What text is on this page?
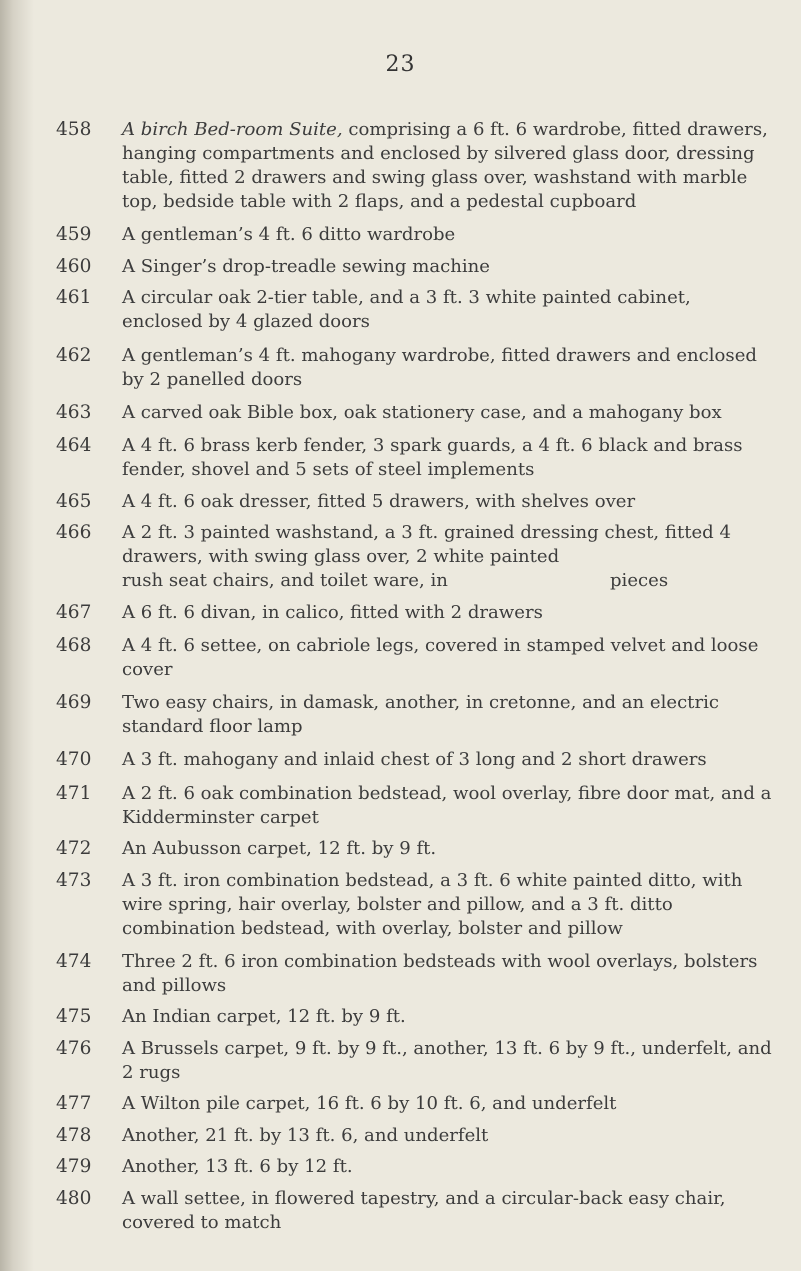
23
458	A birch Bed-room Suite, comprising a 6 ft. 6 wardrobe, fitted drawers, hanging compartments and enclosed by silvered glass door, dressing table, fitted 2 drawers and swing glass over, washstand with marble top, bedside table with 2 flaps, and a pedestal cupboard
459	A gentleman’s 4 ft. 6 ditto wardrobe
460	A Singer’s drop-treadle sewing machine
461	A circular oak 2-tier table, and a 3 ft. 3 white painted cabinet, enclosed by 4 glazed doors
462	A gentleman’s 4 ft. mahogany wardrobe, fitted drawers and enclosed by 2 panelled doors
463	A carved oak Bible box, oak stationery case, and a mahogany box
464	A 4 ft. 6 brass kerb fender, 3 spark guards, a 4 ft. 6 black and brass fender, shovel and 5 sets of steel implements
465	A 4 ft. 6 oak dresser, fitted 5 drawers, with shelves over
466	A 2 ft. 3 painted washstand, a 3 ft. grained dressing chest, fitted 4 drawers, with swing glass over, 2 white painted
rush seat chairs, and toilet ware, in	pieces
467	A 6 ft. 6 divan, in calico, fitted with 2 drawers
468	A 4 ft. 6 settee, on cabriole legs, covered in stamped velvet and loose cover
469	Two easy chairs, in damask, another, in cretonne, and an electric standard floor lamp
470	A 3 ft. mahogany and inlaid chest of 3 long and 2 short drawers
471	A 2 ft. 6 oak combination bedstead, wool overlay, fibre door mat, and a Kidderminster carpet
472	An Aubusson carpet, 12 ft. by 9 ft.
473	A 3 ft. iron combination bedstead, a 3 ft. 6 white painted ditto, with wire spring, hair overlay, bolster and pillow, and a 3 ft. ditto combination bedstead, with overlay, bolster and pillow
474	Three 2 ft. 6 iron combination bedsteads with wool overlays, bolsters and pillows
475	An Indian carpet, 12 ft. by 9 ft.
476	A Brussels carpet, 9 ft. by 9 ft., another, 13 ft. 6 by 9 ft., underfelt, and 2 rugs
477	A Wilton pile carpet, 16 ft. 6 by 10 ft. 6, and underfelt
478	Another, 21 ft. by 13 ft. 6, and underfelt
479	Another, 13 ft. 6 by 12 ft.
480	A wall settee, in flowered tapestry, and a circular-back easy chair, covered to match
